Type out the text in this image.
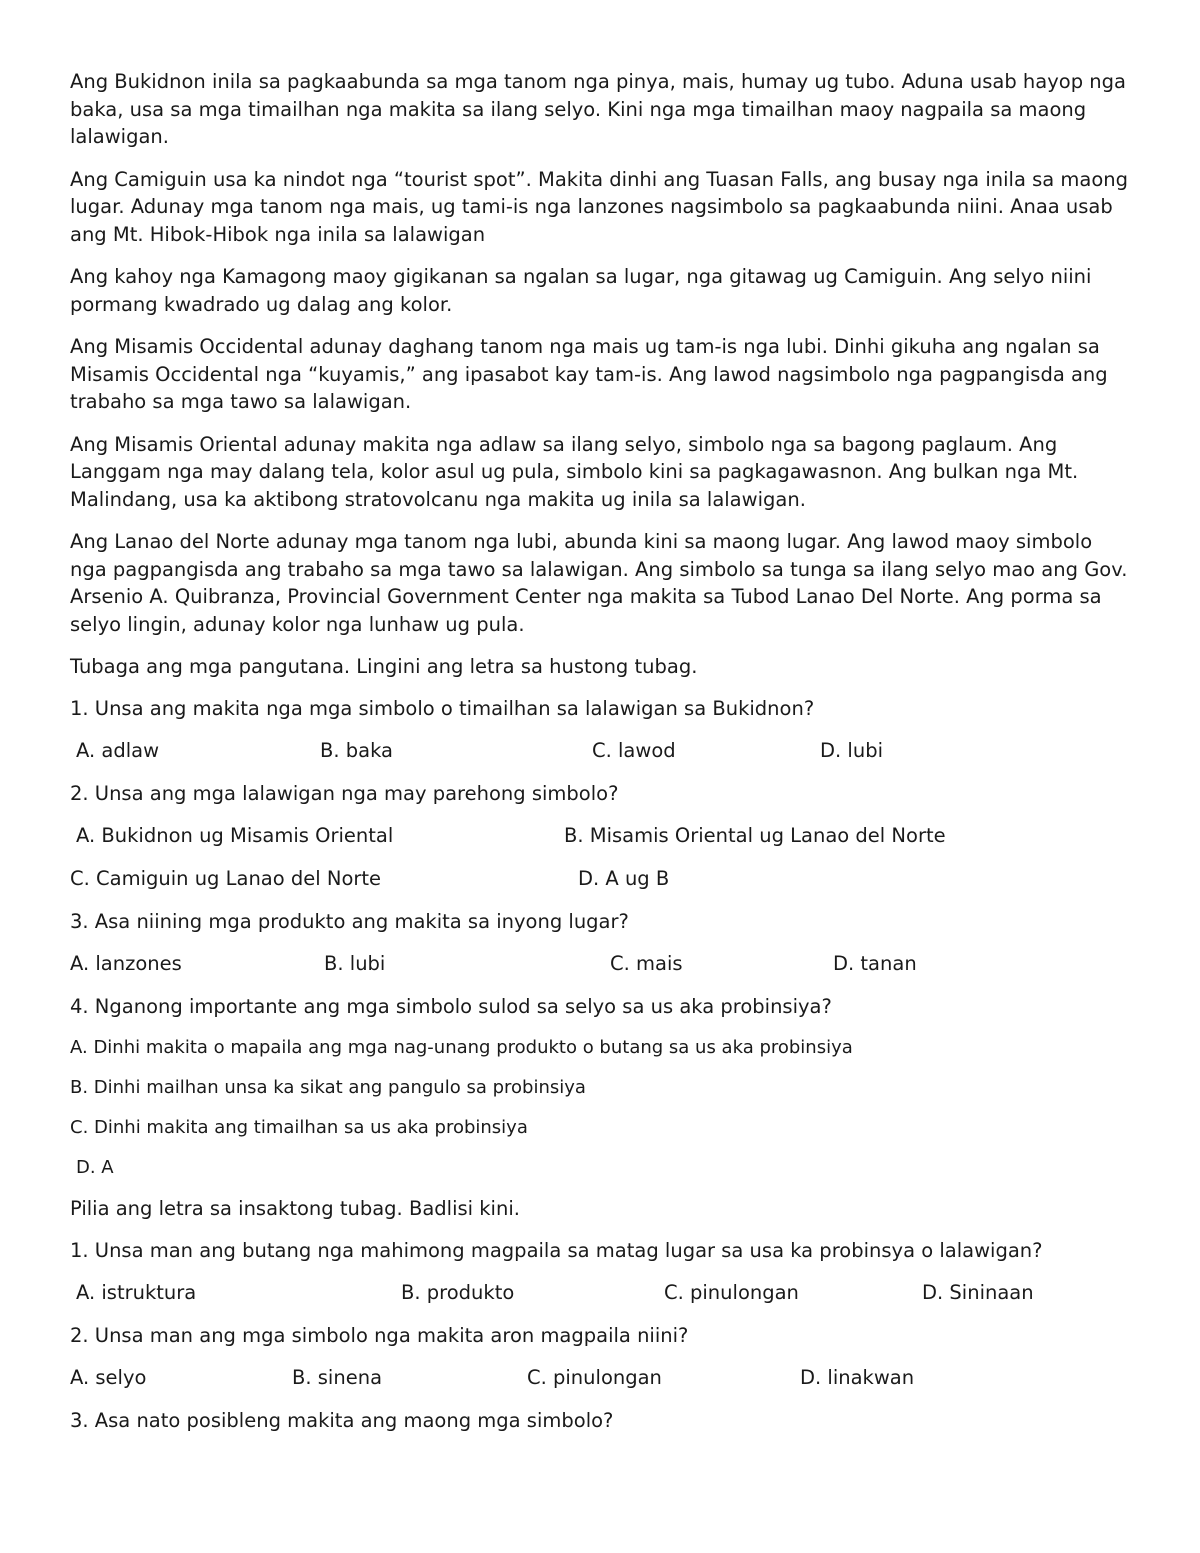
Ang Bukidnon inila sa pagkaabunda sa mga tanom nga pinya, mais, humay ug tubo. Aduna usab hayop nga baka, usa sa mga timailhan nga makita sa ilang selyo. Kini nga mga timailhan maoy nagpaila sa maong lalawigan.

Ang Camiguin usa ka nindot nga “tourist spot”. Makita dinhi ang Tuasan Falls, ang busay nga inila sa maong lugar. Adunay mga tanom nga mais, ug tami-is nga lanzones nagsimbolo sa pagkaabunda niini. Anaa usab ang Mt. Hibok-Hibok nga inila sa lalawigan

Ang kahoy nga Kamagong maoy gigikanan sa ngalan sa lugar, nga gitawag ug Camiguin. Ang selyo niini pormang kwadrado ug dalag ang kolor.

Ang Misamis Occidental adunay daghang tanom nga mais ug tam-is nga lubi. Dinhi gikuha ang ngalan sa Misamis Occidental nga “kuyamis,” ang ipasabot kay tam-is. Ang lawod nagsimbolo nga pagpangisda ang trabaho sa mga tawo sa lalawigan.

Ang Misamis Oriental adunay makita nga adlaw sa ilang selyo, simbolo nga sa bagong paglaum. Ang Langgam nga may dalang tela, kolor asul ug pula, simbolo kini sa pagkagawasnon. Ang bulkan nga Mt. Malindang, usa ka aktibong stratovolcanu nga makita ug inila sa lalawigan.

Ang Lanao del Norte adunay mga tanom nga lubi, abunda kini sa maong lugar. Ang lawod maoy simbolo nga pagpangisda ang trabaho sa mga tawo sa lalawigan. Ang simbolo sa tunga sa ilang selyo mao ang Gov. Arsenio A. Quibranza, Provincial Government Center nga makita sa Tubod Lanao Del Norte. Ang porma sa selyo lingin, adunay kolor nga lunhaw ug pula.

Tubaga ang mga pangutana. Lingini ang letra sa hustong tubag.

1. Unsa ang makita nga mga simbolo o timailhan sa lalawigan sa Bukidnon?

A. adlaw	B. baka	C. lawod	D. lubi

2. Unsa ang mga lalawigan nga may parehong simbolo?

A. Bukidnon ug Misamis Oriental	B. Misamis Oriental ug Lanao del Norte
C. Camiguin ug Lanao del Norte	D. A ug B

3. Asa niining mga produkto ang makita sa inyong lugar?

A. lanzones	B. lubi	C. mais	D. tanan

4. Nganong importante ang mga simbolo sulod sa selyo sa us aka probinsiya?

A. Dinhi makita o mapaila ang mga nag-unang produkto o butang sa us aka probinsiya

B. Dinhi mailhan unsa ka sikat ang pangulo sa probinsiya

C. Dinhi makita ang timailhan sa us aka probinsiya

D. A

Pilia ang letra sa insaktong tubag. Badlisi kini.

1. Unsa man ang butang nga mahimong magpaila sa matag lugar sa usa ka probinsya o lalawigan?

A. istruktura	B. produkto	C. pinulongan	D. Sininaan

2. Unsa man ang mga simbolo nga makita aron magpaila niini?

A. selyo	B. sinena	C. pinulongan	D. linakwan

3. Asa nato posibleng makita ang maong mga simbolo?
